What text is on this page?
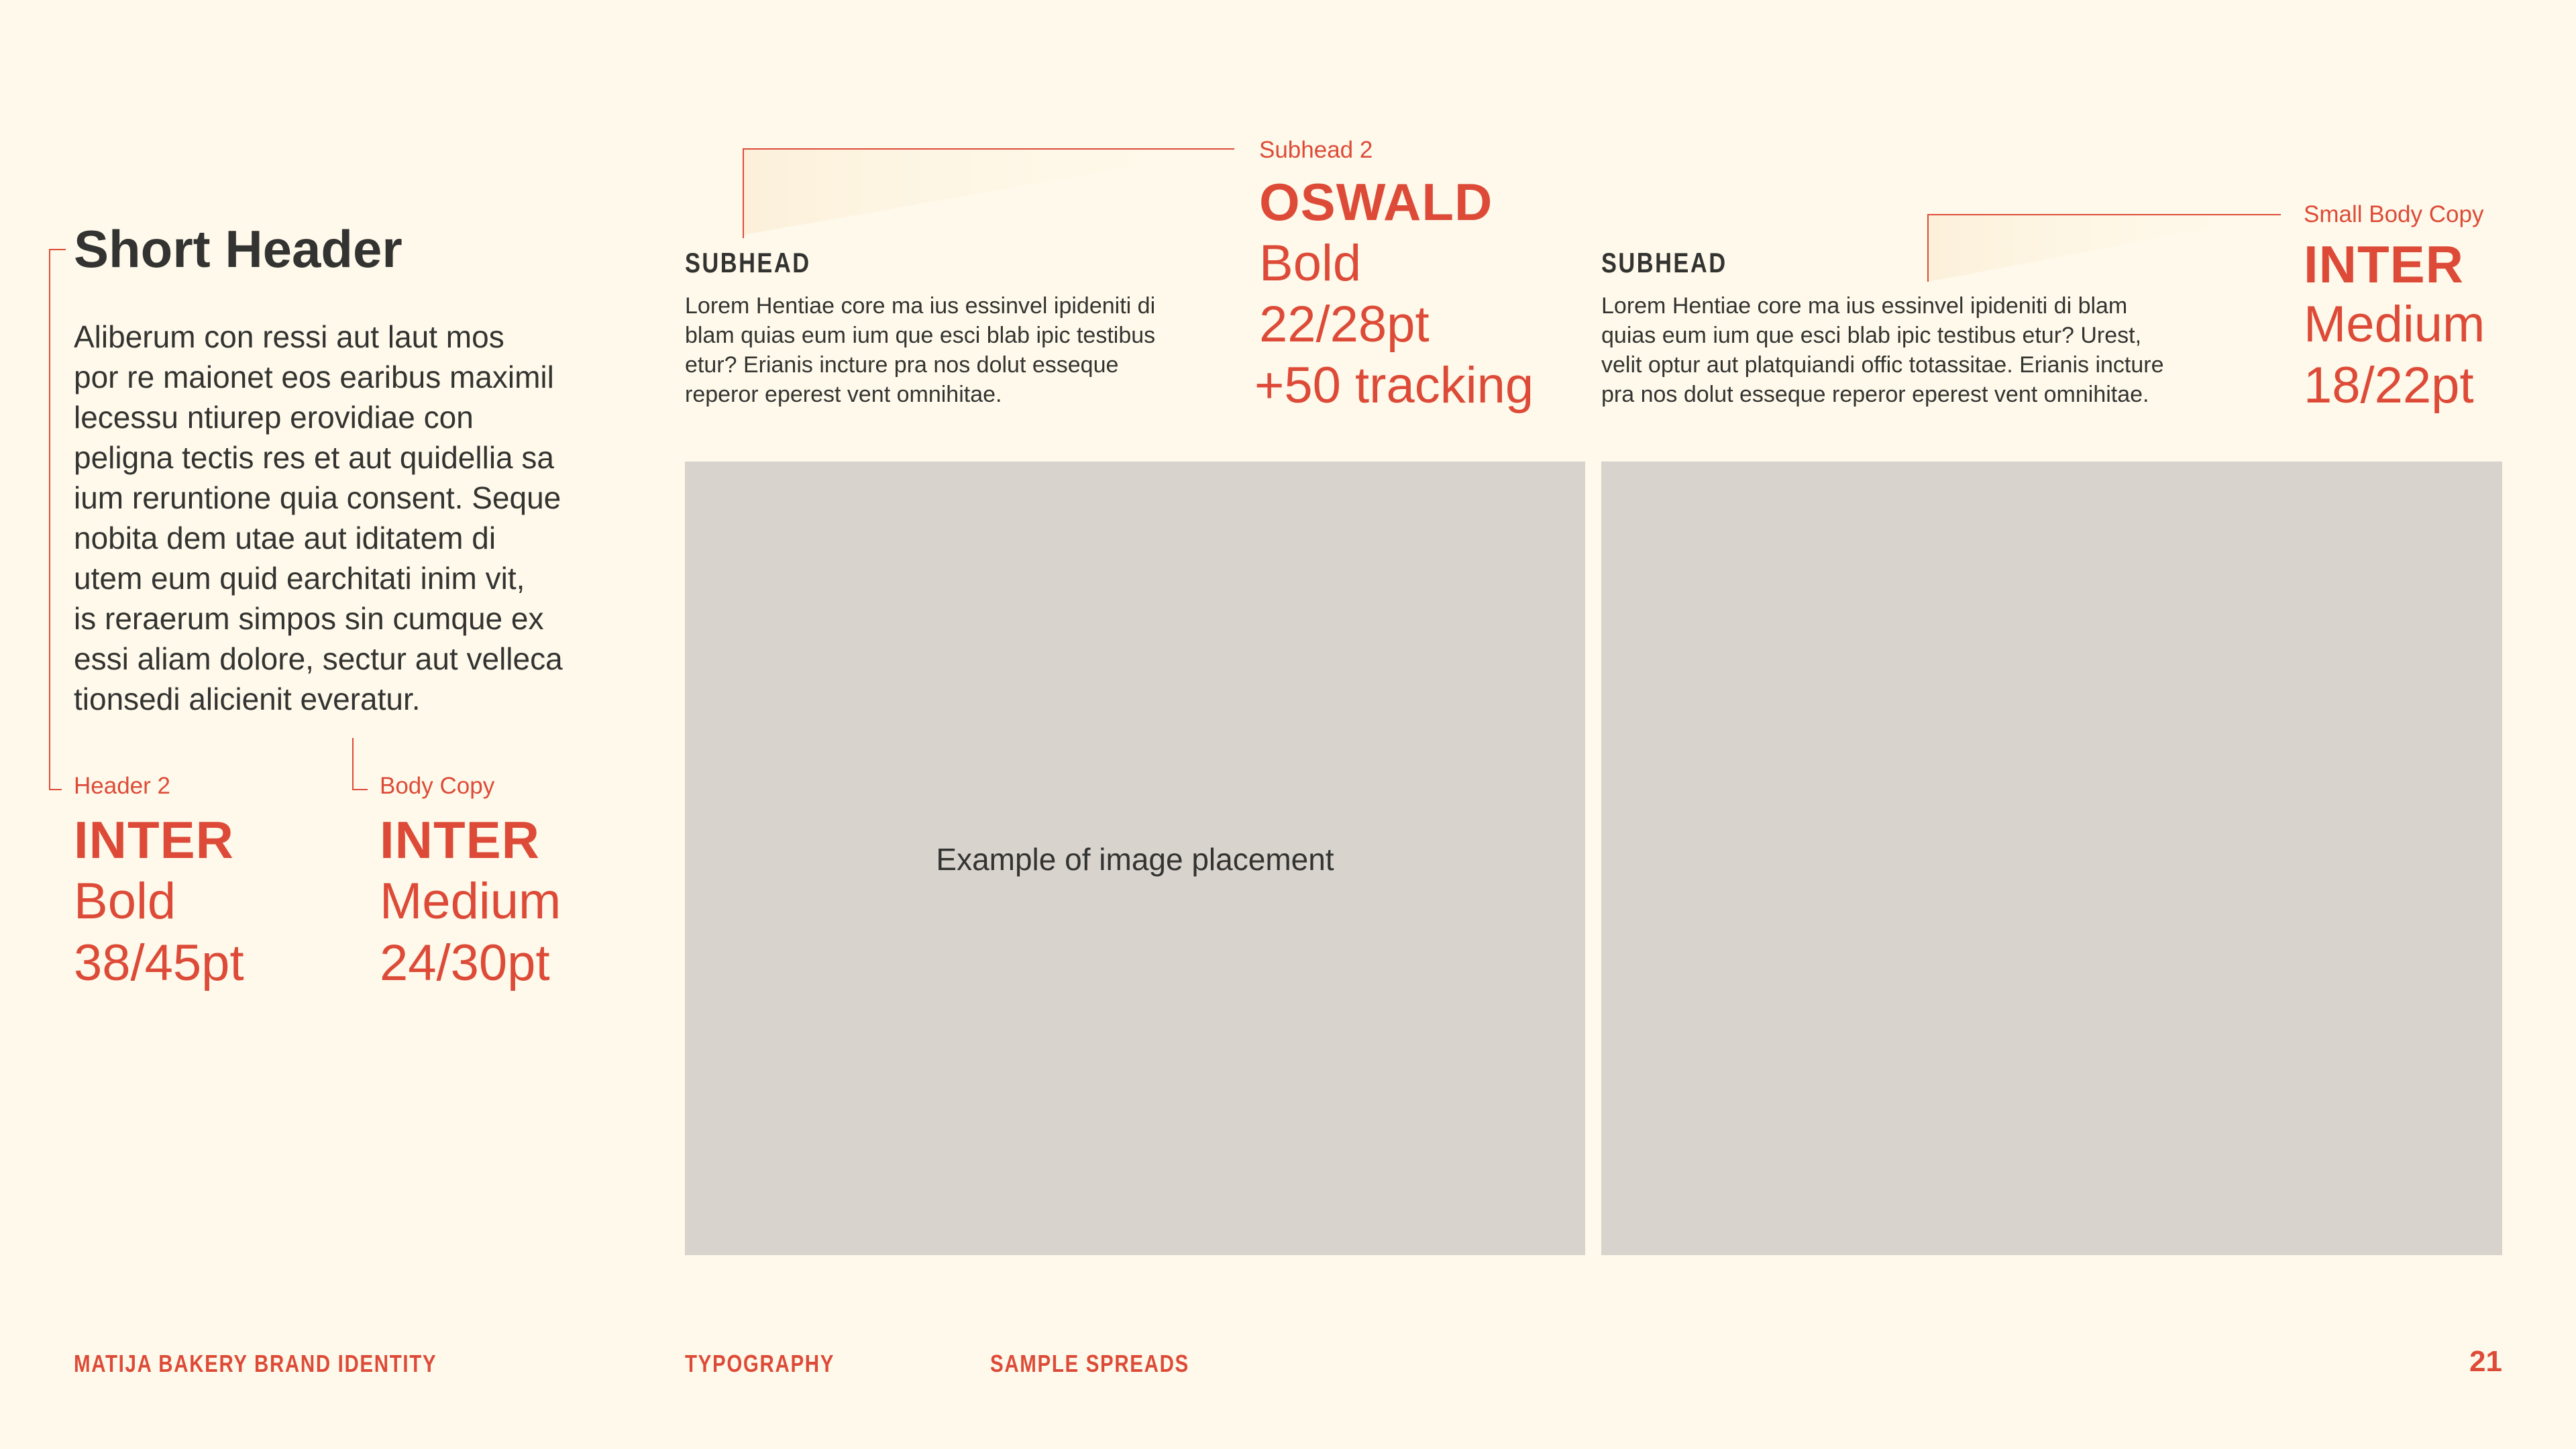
Short Header
Aliberum con ressi aut laut mos
por re maionet eos earibus maximil
lecessu ntiurep erovidiae con
peligna tectis res et aut quidellia sa
ium reruntione quia consent. Seque
nobita dem utae aut iditatem di
utem eum quid earchitati inim vit,
is reraerum simpos sin cumque ex
essi aliam dolore, sectur aut velleca
tionsedi alicienit everatur.
Header 2
INTER
Bold
38/45pt
Body Copy
INTER
Medium
24/30pt
SUBHEAD
Lorem Hentiae core ma ius essinvel ipideniti di
blam quias eum ium que esci blab ipic testibus
etur? Erianis incture pra nos dolut esseque
reperor eperest vent omnihitae.
Example of image placement
Subhead 2
OSWALD
Bold
22/28pt
+50 tracking
SUBHEAD
Lorem Hentiae core ma ius essinvel ipideniti di blam
quias eum ium que esci blab ipic testibus etur? Urest,
velit optur aut platquiandi offic totassitae. Erianis incture
pra nos dolut esseque reperor eperest vent omnihitae.
Small Body Copy
INTER
Medium
18/22pt
MATIJA BAKERY BRAND IDENTITY	TYPOGRAPHY	SAMPLE SPREADS	21
